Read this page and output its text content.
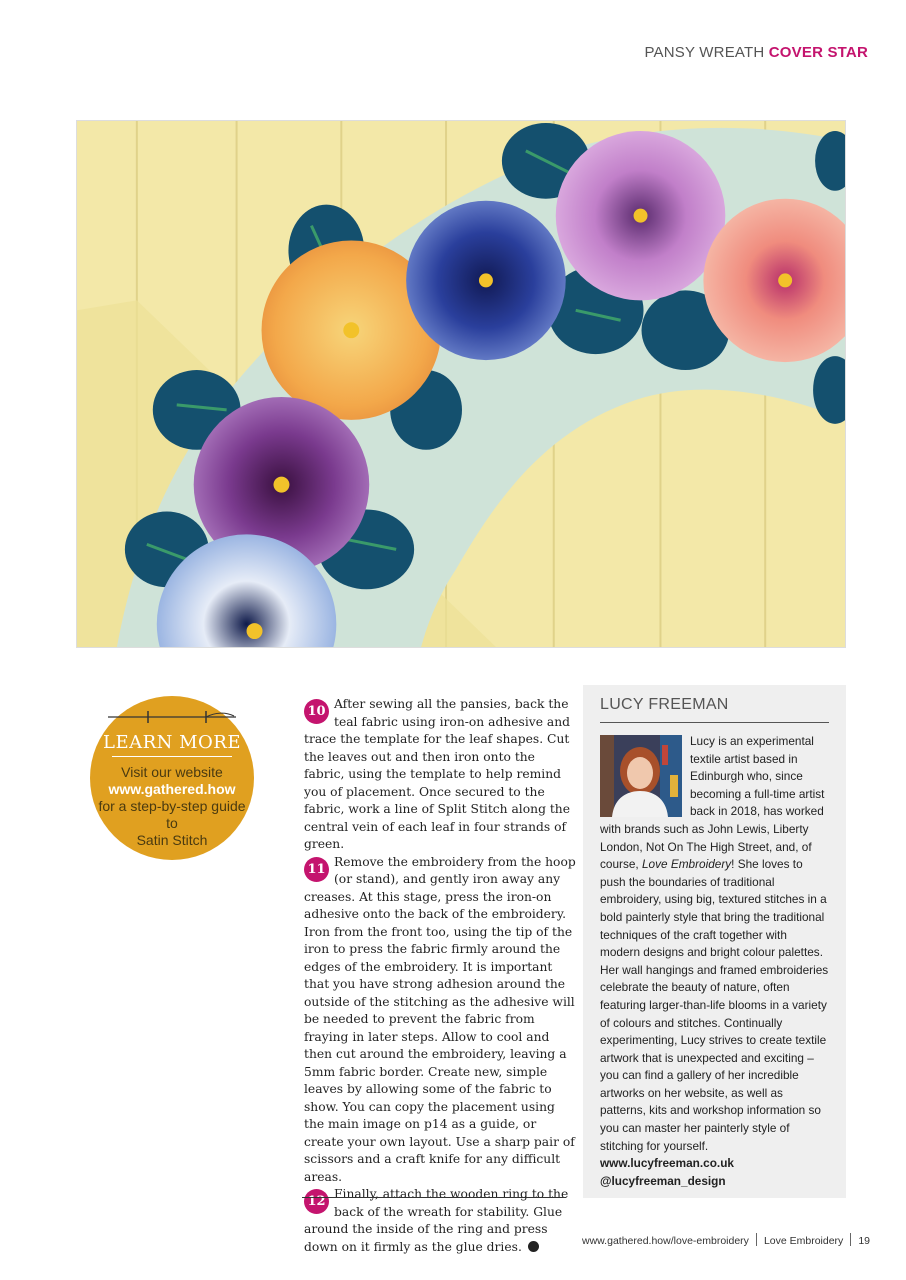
PANSY WREATH COVER STAR
LEARN MORE
Visit our website
www.gathered.how
for a step-by-step guide to
Satin Stitch

10 After sewing all the pansies, back the teal fabric using iron-on adhesive and trace the template for the leaf shapes. Cut the leaves out and then iron onto the fabric, using the template to help remind you of placement. Once secured to the fabric, work a line of Split Stitch along the central vein of each leaf in four strands of green.

11 Remove the embroidery from the hoop (or stand), and gently iron away any creases. At this stage, press the iron-on adhesive onto the back of the embroidery. Iron from the front too, using the tip of the iron to press the fabric firmly around the edges of the embroidery. It is important that you have strong adhesion around the outside of the stitching as the adhesive will be needed to prevent the fabric from fraying in later steps. Allow to cool and then cut around the embroidery, leaving a 5mm fabric border. Create new, simple leaves by allowing some of the fabric to show. You can copy the placement using the main image on p14 as a guide, or create your own layout. Use a sharp pair of scissors and a craft knife for any difficult areas.

12 Finally, attach the wooden ring to the back of the wreath for stability. Glue around the inside of the ring and press down on it firmly as the glue dries.

LUCY FREEMAN
Lucy is an experimental textile artist based in Edinburgh who, since becoming a full-time artist back in 2018, has worked with brands such as John Lewis, Liberty London, Not On The High Street, and, of course, Love Embroidery! She loves to push the boundaries of traditional embroidery, using big, textured stitches in a bold painterly style that bring the traditional techniques of the craft together with modern designs and bright colour palettes. Her wall hangings and framed embroideries celebrate the beauty of nature, often featuring larger-than-life blooms in a variety of colours and stitches. Continually experimenting, Lucy strives to create textile artwork that is unexpected and exciting – you can find a gallery of her incredible artworks on her website, as well as patterns, kits and workshop information so you can master her painterly style of stitching for yourself.
www.lucyfreeman.co.uk
@lucyfreeman_design
www.gathered.how/love-embroidery Love Embroidery 19
